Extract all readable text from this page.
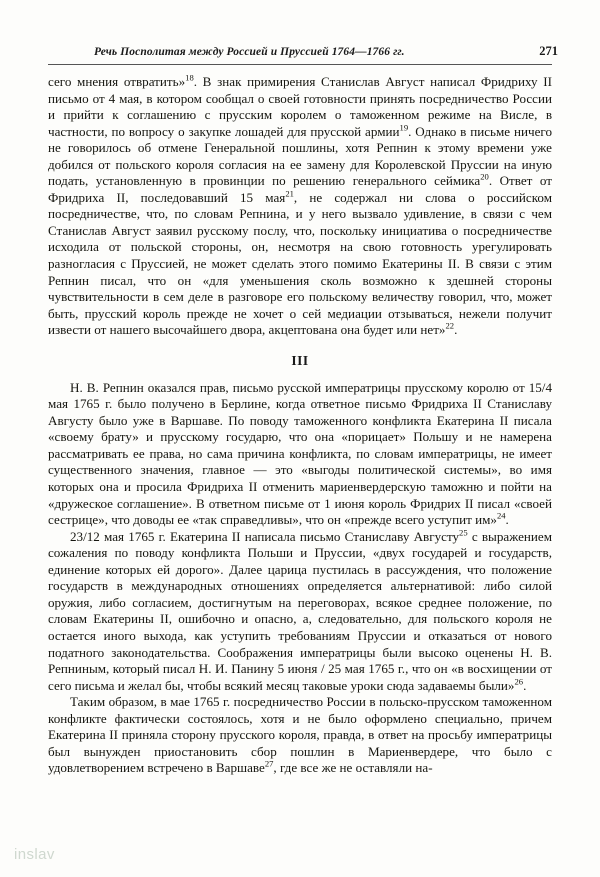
Речь Посполитая между Россией и Пруссией 1764—1766 гг.	271

сего мнения отвратить»$^{18}$. В знак примирения Станислав Август написал Фридриху II письмо от 4 мая, в котором сообщал о своей готовности принять посредничество России и прийти к соглашению с прусским королем о таможенном режиме на Висле, в частности, по вопросу о закупке лошадей для прусской армии$^{19}$. Однако в письме ничего не говорилось об отмене Генеральной пошлины, хотя Репнин к этому времени уже добился от польского короля согласия на ее замену для Королевской Пруссии на иную подать, установленную в провинции по решению генерального сеймика$^{20}$. Ответ от Фридриха II, последовавший 15 мая$^{21}$, не содержал ни слова о российском посредничестве, что, по словам Репнина, и у него вызвало удивление, в связи с чем Станислав Август заявил русскому послу, что, поскольку инициатива о посредничестве исходила от польской стороны, он, несмотря на свою готовность урегулировать разногласия с Пруссией, не может сделать этого помимо Екатерины II. В связи с этим Репнин писал, что он «для уменьшения сколь возможно к здешней стороны чувствительности в сем деле в разговоре его польскому величеству говорил, что, может быть, прусский король прежде не хочет о сей медиации отзываться, нежели получит извести от нашего высочайшего двора, акцептована она будет или нет»$^{22}$.

III

Н. В. Репнин оказался прав, письмо русской императрицы прусскому королю от 15/4 мая 1765 г. было получено в Берлине, когда ответное письмо Фридриха II Станиславу Августу было уже в Варшаве. По поводу таможенного конфликта Екатерина II писала «своему брату» и прусскому государю, что она «порицает» Польшу и не намерена рассматривать ее права, но сама причина конфликта, по словам императрицы, не имеет существенного значения, главное — это «выгоды политической системы», во имя которых она и просила Фридриха II отменить мариенвердерскую таможню и пойти на «дружеское соглашение». В ответном письме от 1 июня король Фридрих II писал «своей сестрице», что доводы ее «так справедливы», что он «прежде всего уступит им»$^{24}$.

23/12 мая 1765 г. Екатерина II написала письмо Станиславу Августу$^{25}$ с выражением сожаления по поводу конфликта Польши и Пруссии, «двух государей и государств, единение которых ей дорого». Далее царица пустилась в рассуждения, что положение государств в международных отношениях определяется альтернативой: либо силой оружия, либо согласием, достигнутым на переговорах, всякое среднее положение, по словам Екатерины II, ошибочно и опасно, а, следовательно, для польского короля не остается иного выхода, как уступить требованиям Пруссии и отказаться от нового податного законодательства. Соображения императрицы были высоко оценены Н. В. Репниным, который писал Н. И. Панину 5 июня / 25 мая 1765 г., что он «в восхищении от сего письма и желал бы, чтобы всякий месяц таковые уроки сюда задаваемы были»$^{26}$.

Таким образом, в мае 1765 г. посредничество России в польско-прусском таможенном конфликте фактически состоялось, хотя и не было оформлено специально, причем Екатерина II приняла сторону прусского короля, правда, в ответ на просьбу императрицы был вынужден приостановить сбор пошлин в Мариенвердере, что было с удовлетворением встречено в Варшаве$^{27}$, где все же не оставляли на-

inslav
